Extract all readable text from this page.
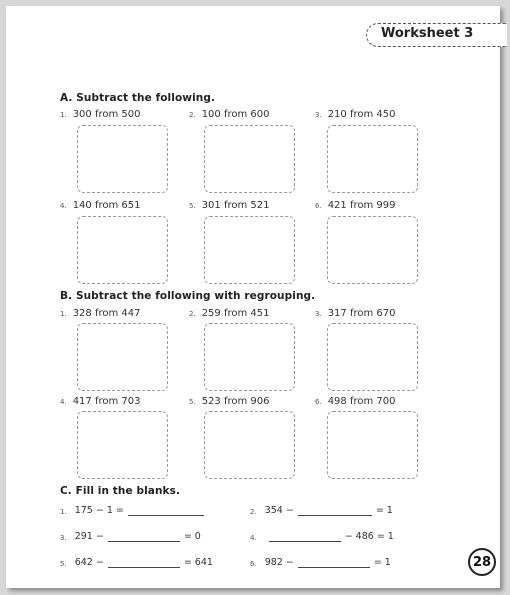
Worksheet 3
A. Subtract the following.
1. 300 from 500	2. 100 from 600	3. 210 from 450
4. 140 from 651	5. 301 from 521	6. 421 from 999
B. Subtract the following with regrouping.
1. 328 from 447	2. 259 from 451	3. 317 from 670
4. 417 from 703	5. 523 from 906	6. 498 from 700
C. Fill in the blanks.
1. 175 − 1 =	2. 354 −	= 1
3. 291 −	= 0	4.	− 486 = 1
5. 642 −	= 641	6. 982 −	= 1	28
